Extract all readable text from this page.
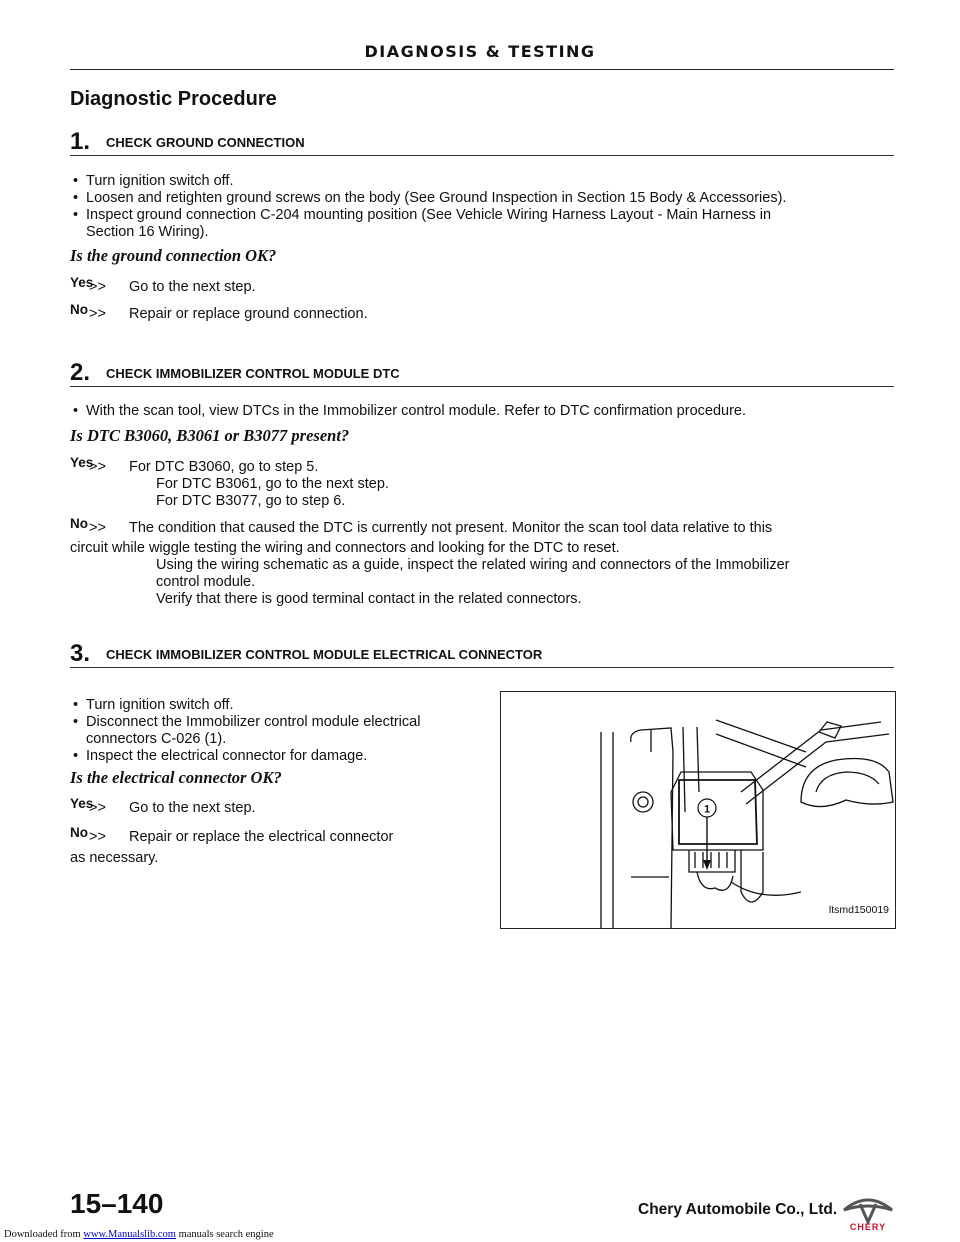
DIAGNOSIS & TESTING
Diagnostic Procedure
1. CHECK GROUND CONNECTION
• Turn ignition switch off.
• Loosen and retighten ground screws on the body (See Ground Inspection in Section 15 Body & Accessories).
• Inspect ground connection C-204 mounting position (See Vehicle Wiring Harness Layout - Main Harness in
Section 16 Wiring).
Is the ground connection OK?
Yes
>> Go to the next step.
No >> Repair or replace ground connection.
2. CHECK IMMOBILIZER CONTROL MODULE DTC
• With the scan tool, view DTCs in the Immobilizer control module. Refer to DTC confirmation procedure.
Is DTC B3060, B3061 or B3077 present?
Yes
>> For DTC B3060, go to step 5.
For DTC B3061, go to the next step.
For DTC B3077, go to step 6.
No >> The condition that caused the DTC is currently not present. Monitor the scan tool data relative to this
circuit while wiggle testing the wiring and connectors and looking for the DTC to reset.
Using the wiring schematic as a guide, inspect the related wiring and connectors of the Immobilizer
control module.
Verify that there is good terminal contact in the related connectors.
3. CHECK IMMOBILIZER CONTROL MODULE ELECTRICAL CONNECTOR
• Turn ignition switch off.
• Disconnect the Immobilizer control module electrical
connectors C-026 (1).
• Inspect the electrical connector for damage.
Is the electrical connector OK?
Yes
>> Go to the next step.
No >> Repair or replace the electrical connector
as necessary.
1
ltsmd150019
15–140	Chery Automobile Co., Ltd.
CHERY
Downloaded from www.Manualslib.com manuals search engine
